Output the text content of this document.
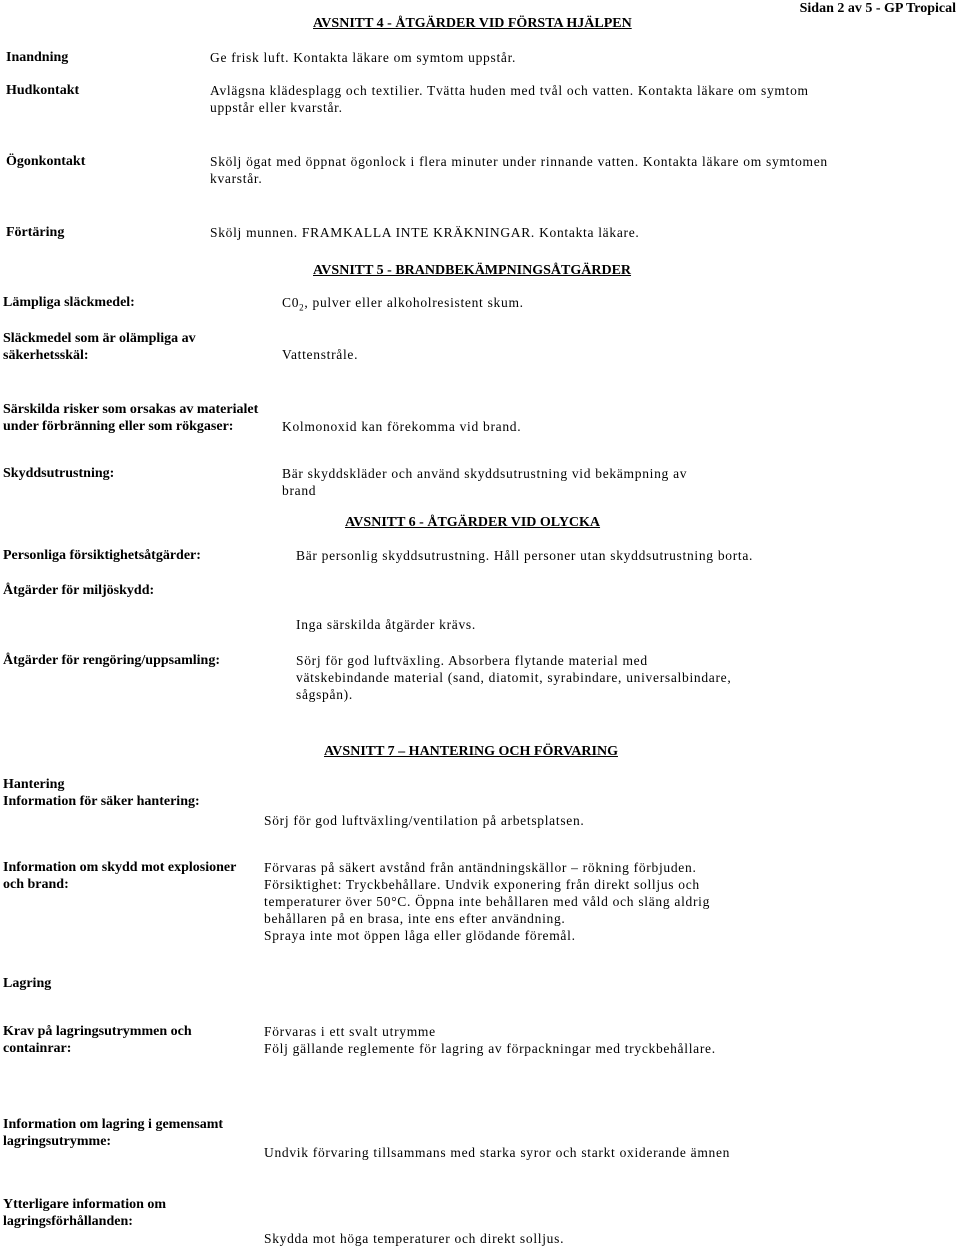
Sidan 2 av 5 - GP Tropical
AVSNITT 4 - ÅTGÄRDER VID FÖRSTA HJÄLPEN
Inandning	Ge frisk luft. Kontakta läkare om symtom uppstår.
Hudkontakt	Avlägsna klädesplagg och textilier. Tvätta huden med tvål och vatten. Kontakta läkare om symtom
uppstår eller kvarstår.
Ögonkontakt	Skölj ögat med öppnat ögonlock i flera minuter under rinnande vatten. Kontakta läkare om symtomen
kvarstår.
Förtäring	Skölj munnen. FRAMKALLA INTE KRÄKNINGAR. Kontakta läkare.
AVSNITT 5 - BRANDBEKÄMPNINGSÅTGÄRDER
Lämpliga släckmedel:	$C0_2$, pulver eller alkoholresistent skum.
Släckmedel som är olämpliga av
säkerhetsskäl:	Vattenstråle.
Särskilda risker som orsakas av materialet
under förbränning eller som rökgaser:	Kolmonoxid kan förekomma vid brand.
Skyddsutrustning:	Bär skyddskläder och använd skyddsutrustning vid bekämpning av
brand
AVSNITT 6 - ÅTGÄRDER VID OLYCKA
Personliga försiktighetsåtgärder:	Bär personlig skyddsutrustning. Håll personer utan skyddsutrustning borta.
Åtgärder för miljöskydd:
Inga särskilda åtgärder krävs.
Åtgärder för rengöring/uppsamling:	Sörj för god luftväxling. Absorbera flytande material med
vätskebindande material (sand, diatomit, syrabindare, universalbindare,
sågspån).
AVSNITT 7 – HANTERING OCH FÖRVARING
Hantering
Information för säker hantering:
Sörj för god luftväxling/ventilation på arbetsplatsen.
Information om skydd mot explosioner
och brand:
Förvaras på säkert avstånd från antändningskällor – rökning förbjuden.
Försiktighet: Tryckbehållare. Undvik exponering från direkt solljus och
temperaturer över 50°C. Öppna inte behållaren med våld och släng aldrig
behållaren på en brasa, inte ens efter användning.
Spraya inte mot öppen låga eller glödande föremål.
Lagring
Krav på lagringsutrymmen och
containrar:
Förvaras i ett svalt utrymme
Följ gällande reglemente för lagring av förpackningar med tryckbehållare.
Information om lagring i gemensamt
lagringsutrymme:
Undvik förvaring tillsammans med starka syror och starkt oxiderande ämnen
Ytterligare information om
lagringsförhållanden:
Skydda mot höga temperaturer och direkt solljus.
